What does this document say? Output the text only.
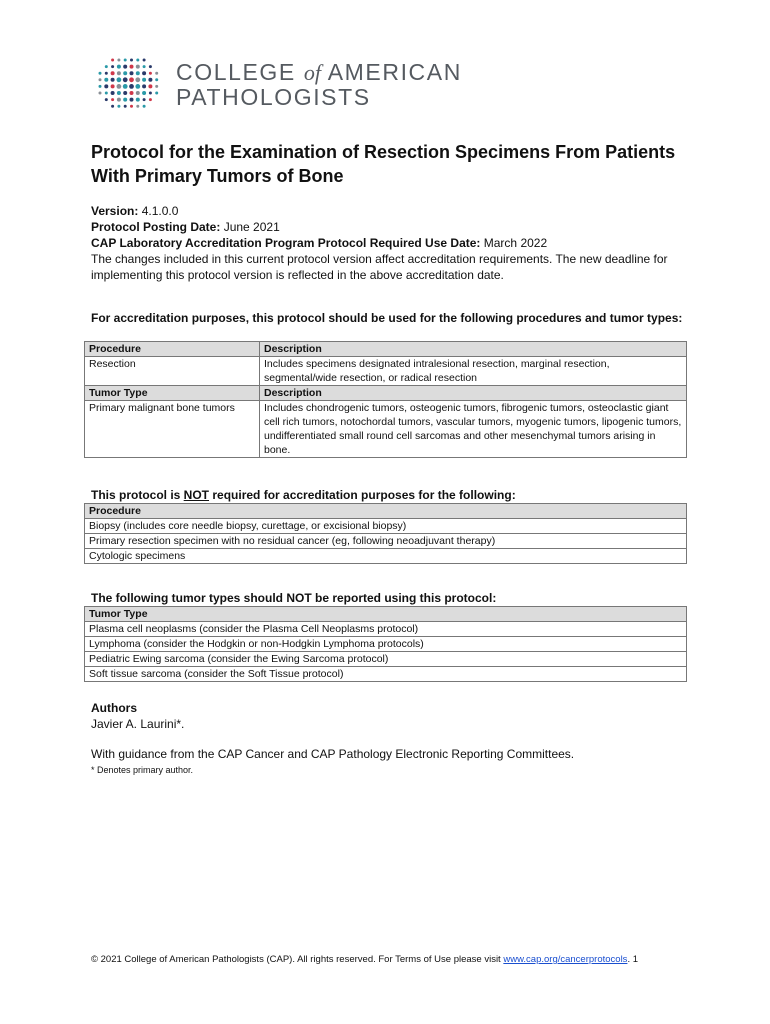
COLLEGE of AMERICAN
PATHOLOGISTS
Protocol for the Examination of Resection Specimens From Patients With Primary Tumors of Bone

Version: 4.1.0.0

Protocol Posting Date: June 2021

CAP Laboratory Accreditation Program Protocol Required Use Date: March 2022

The changes included in this current protocol version affect accreditation requirements. The new deadline for implementing this protocol version is reflected in the above accreditation date.

For accreditation purposes, this protocol should be used for the following procedures and tumor types:

Procedure	Description
Resection	Includes specimens designated intralesional resection, marginal resection, segmental/wide resection, or radical resection
Tumor Type	Description
Primary malignant bone tumors	Includes chondrogenic tumors, osteogenic tumors, fibrogenic tumors, osteoclastic giant cell rich tumors, notochordal tumors, vascular tumors, myogenic tumors, lipogenic tumors, undifferentiated small round cell sarcomas and other mesenchymal tumors arising in bone.

This protocol is NOT required for accreditation purposes for the following:

Procedure
Biopsy (includes core needle biopsy, curettage, or excisional biopsy)
Primary resection specimen with no residual cancer (eg, following neoadjuvant therapy)
Cytologic specimens

The following tumor types should NOT be reported using this protocol:

Tumor Type
Plasma cell neoplasms (consider the Plasma Cell Neoplasms protocol)
Lymphoma (consider the Hodgkin or non-Hodgkin Lymphoma protocols)
Pediatric Ewing sarcoma (consider the Ewing Sarcoma protocol)
Soft tissue sarcoma (consider the Soft Tissue protocol)

Authors

Javier A. Laurini*.

With guidance from the CAP Cancer and CAP Pathology Electronic Reporting Committees.

* Denotes primary author.

© 2021 College of American Pathologists (CAP). All rights reserved. For Terms of Use please visit www.cap.org/cancerprotocols. 1
